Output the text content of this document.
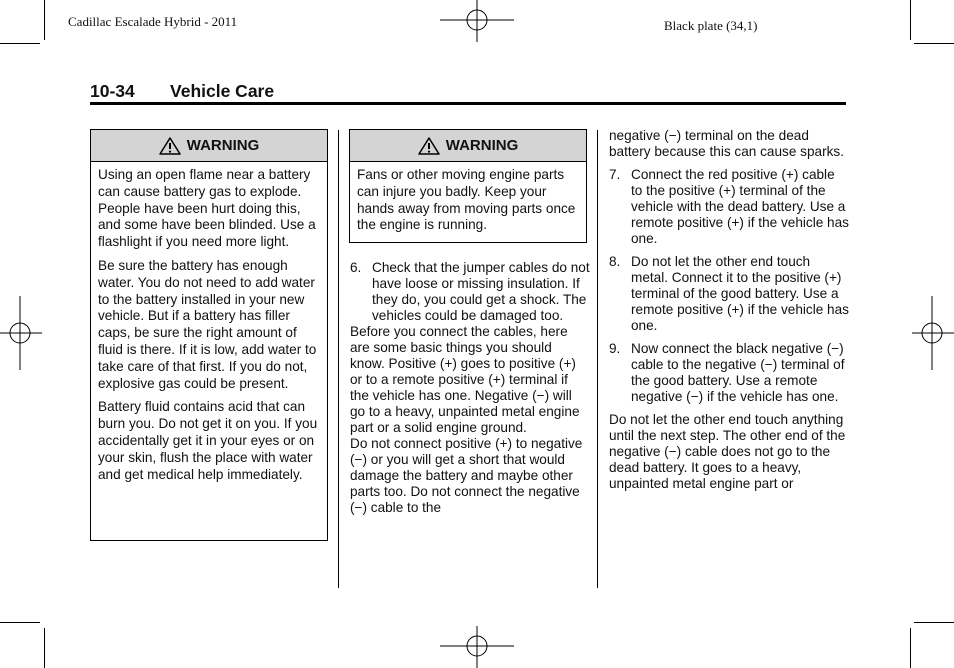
Cadillac Escalade Hybrid - 2011	Black plate (34,1)
10-34 Vehicle Care
WARNING

Using an open flame near a battery can cause battery gas to explode. People have been hurt doing this, and some have been blinded. Use a flashlight if you need more light.

Be sure the battery has enough water. You do not need to add water to the battery installed in your new vehicle. But if a battery has filler caps, be sure the right amount of fluid is there. If it is low, add water to take care of that first. If you do not, explosive gas could be present.

Battery fluid contains acid that can burn you. Do not get it on you. If you accidentally get it in your eyes or on your skin, flush the place with water and get medical help immediately.

WARNING

Fans or other moving engine parts can injure you badly. Keep your hands away from moving parts once the engine is running.

6. Check that the jumper cables do not have loose or missing insulation. If they do, you could get a shock. The vehicles could be damaged too.

Before you connect the cables, here are some basic things you should know. Positive (+) goes to positive (+) or to a remote positive (+) terminal if the vehicle has one. Negative (−) will go to a heavy, unpainted metal engine part or a solid engine ground.

Do not connect positive (+) to negative (−) or you will get a short that would damage the battery and maybe other parts too. Do not connect the negative (−) cable to the

negative (−) terminal on the dead battery because this can cause sparks.

7. Connect the red positive (+) cable to the positive (+) terminal of the vehicle with the dead battery. Use a remote positive (+) if the vehicle has one.
8. Do not let the other end touch metal. Connect it to the positive (+) terminal of the good battery. Use a remote positive (+) if the vehicle has one.
9. Now connect the black negative (−) cable to the negative (−) terminal of the good battery. Use a remote negative (−) if the vehicle has one.

Do not let the other end touch anything until the next step. The other end of the negative (−) cable does not go to the dead battery. It goes to a heavy, unpainted metal engine part or
